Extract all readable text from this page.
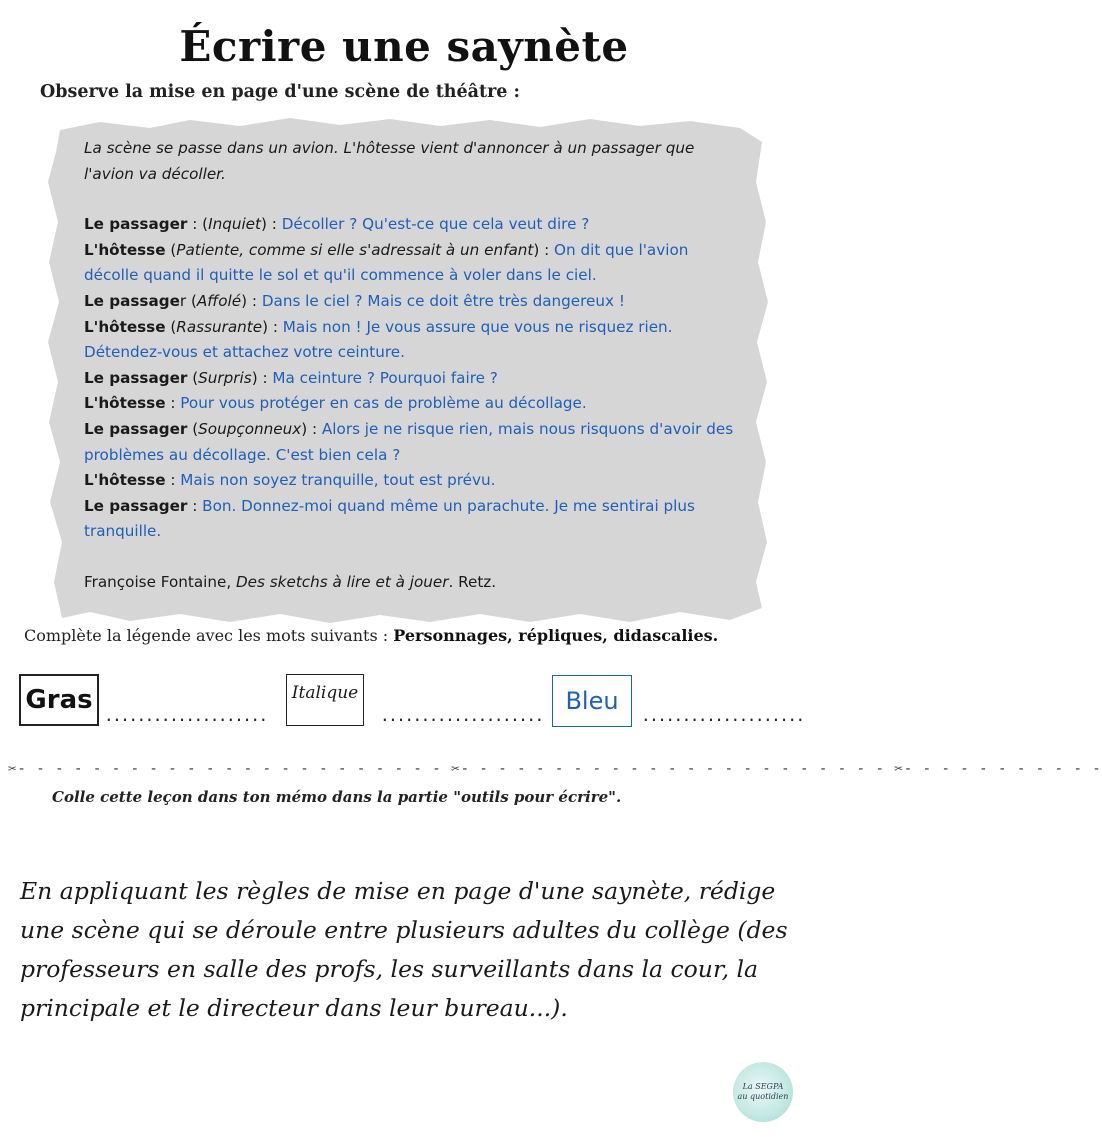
Écrire une saynète
Observe la mise en page d'une scène de théâtre :

La scène se passe dans un avion. L'hôtesse vient d'annoncer à un passager que l'avion va décoller.

Le passager : (Inquiet) : Décoller ? Qu'est-ce que cela veut dire ?

L'hôtesse (Patiente, comme si elle s'adressait à un enfant) : On dit que l'avion décolle quand il quitte le sol et qu'il commence à voler dans le ciel.

Le passager (Affolé) : Dans le ciel ? Mais ce doit être très dangereux !

L'hôtesse (Rassurante) : Mais non ! Je vous assure que vous ne risquez rien. Détendez-vous et attachez votre ceinture.

Le passager (Surpris) : Ma ceinture ? Pourquoi faire ?

L'hôtesse : Pour vous protéger en cas de problème au décollage.

Le passager (Soupçonneux) : Alors je ne risque rien, mais nous risquons d'avoir des problèmes au décollage. C'est bien cela ?

L'hôtesse : Mais non soyez tranquille, tout est prévu.

Le passager : Bon. Donnez-moi quand même un parachute. Je me sentirai plus tranquille.

Françoise Fontaine, Des sketchs à lire et à jouer. Retz.

Complète la légende avec les mots suivants : Personnages, répliques, didascalies.
Gras
....................
Italique
....................
Bleu
....................
✂- - - - - - - - - - - - - - - - - - - - - - - ✂- - - - - - - - - - - - - - - - - - - - - - - ✂- - - - - - - - - - -
Colle cette leçon dans ton mémo dans la partie "outils pour écrire".
En appliquant les règles de mise en page d'une saynète, rédige une scène qui se déroule entre plusieurs adultes du collège (des professeurs en salle des profs, les surveillants dans la cour, la principale et le directeur dans leur bureau...).
La SEGPA
au quotidien
